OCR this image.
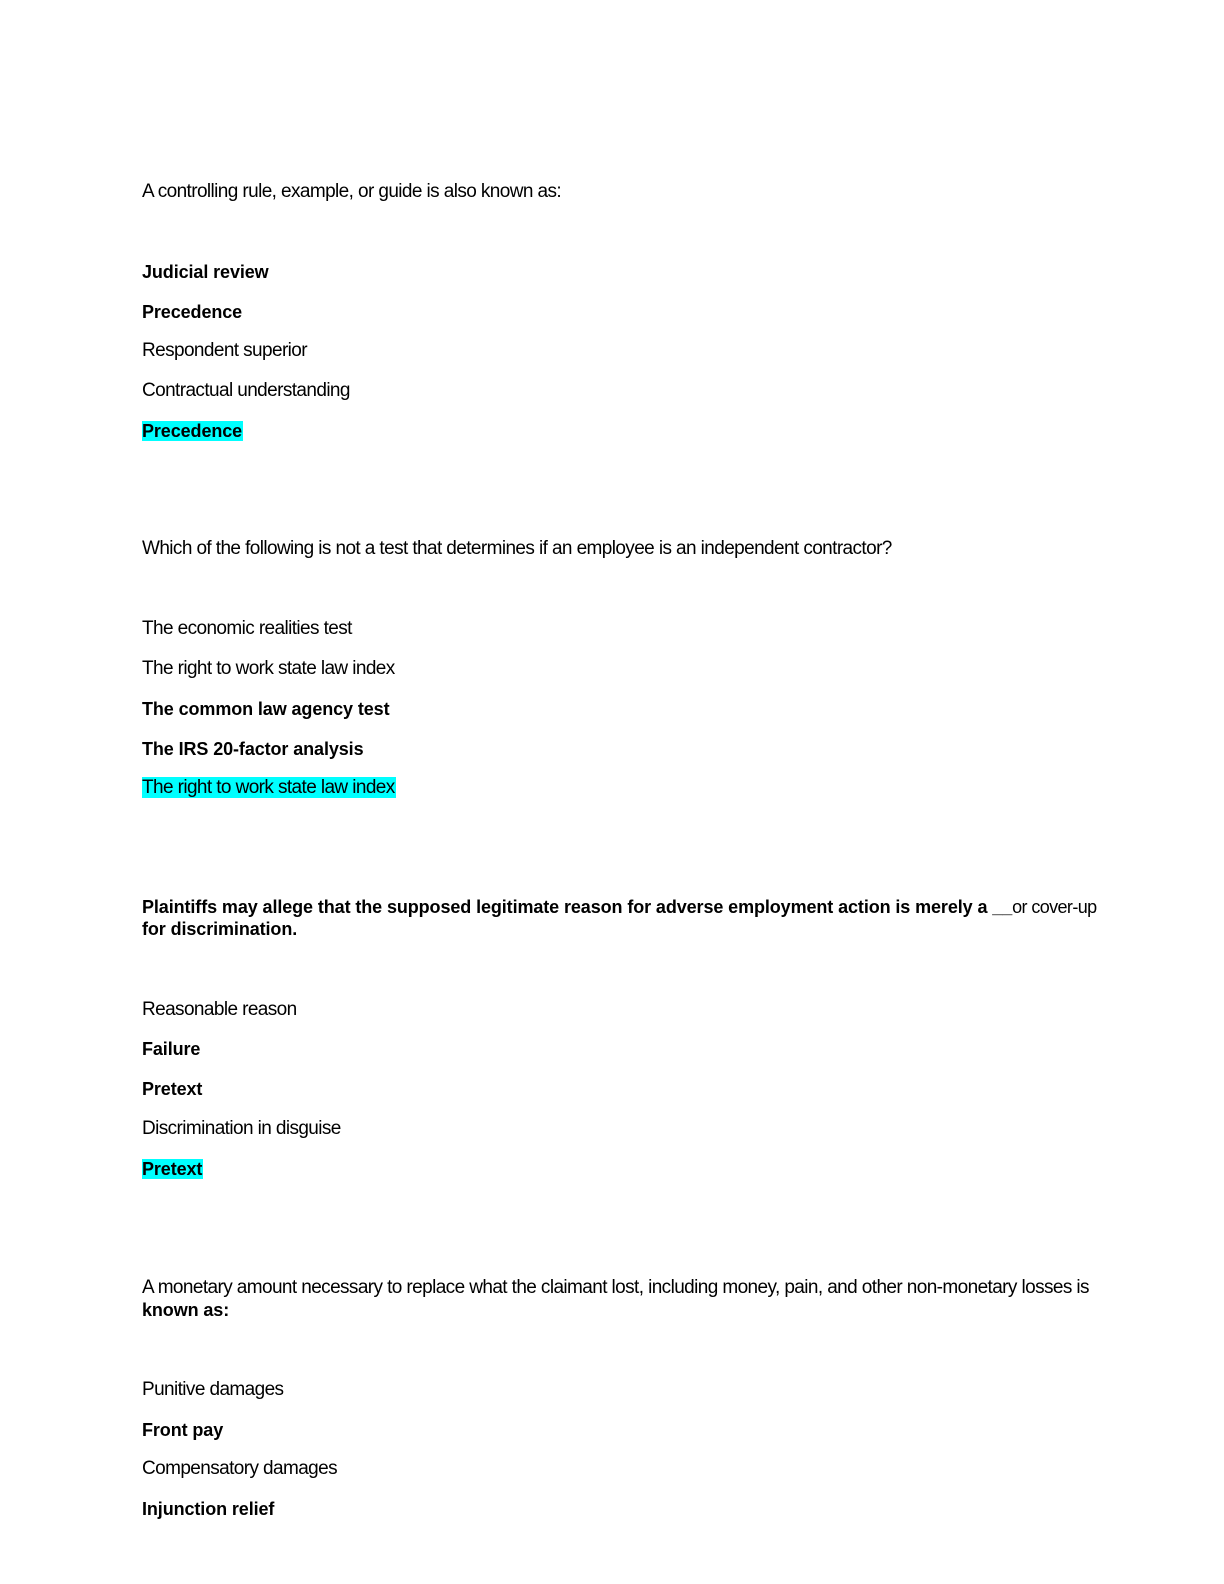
A controlling rule, example, or guide is also known as:
Judicial review
Precedence
Respondent superior
Contractual understanding
Precedence
Which of the following is not a test that determines if an employee is an independent contractor?
The economic realities test
The right to work state law index
The common law agency test
The IRS 20-factor analysis
The right to work state law index
Plaintiffs may allege that the supposed legitimate reason for adverse employment action is merely a __or cover-up
for discrimination.
Reasonable reason
Failure
Pretext
Discrimination in disguise
Pretext
A monetary amount necessary to replace what the claimant lost, including money, pain, and other non-monetary losses is
known as:
Punitive damages
Front pay
Compensatory damages
Injunction relief
